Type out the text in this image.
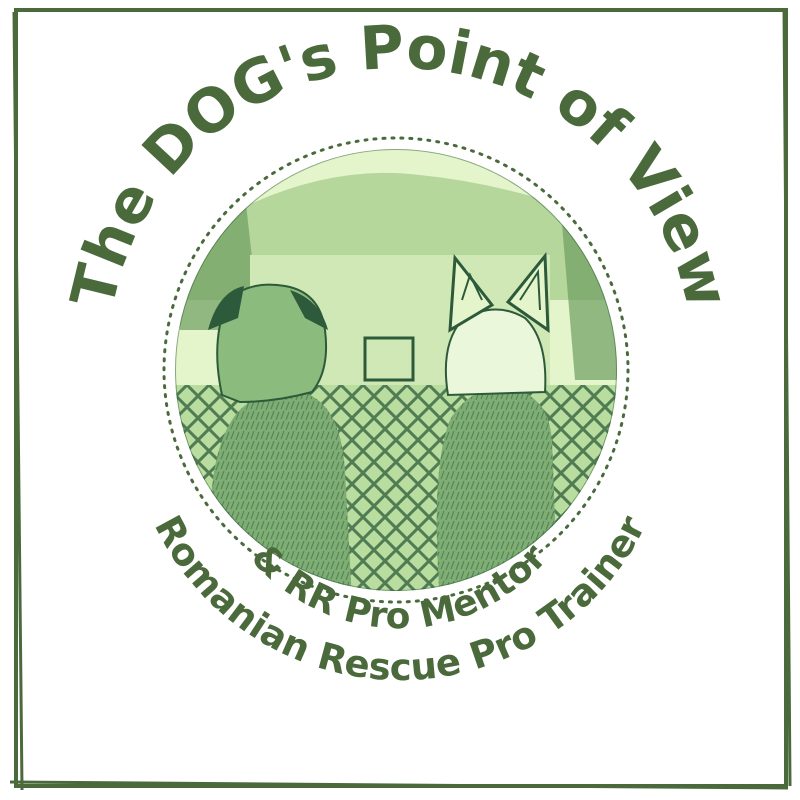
The DOG's Point of View
Romanian Rescue Pro Trainer
& RR Pro Mentor
